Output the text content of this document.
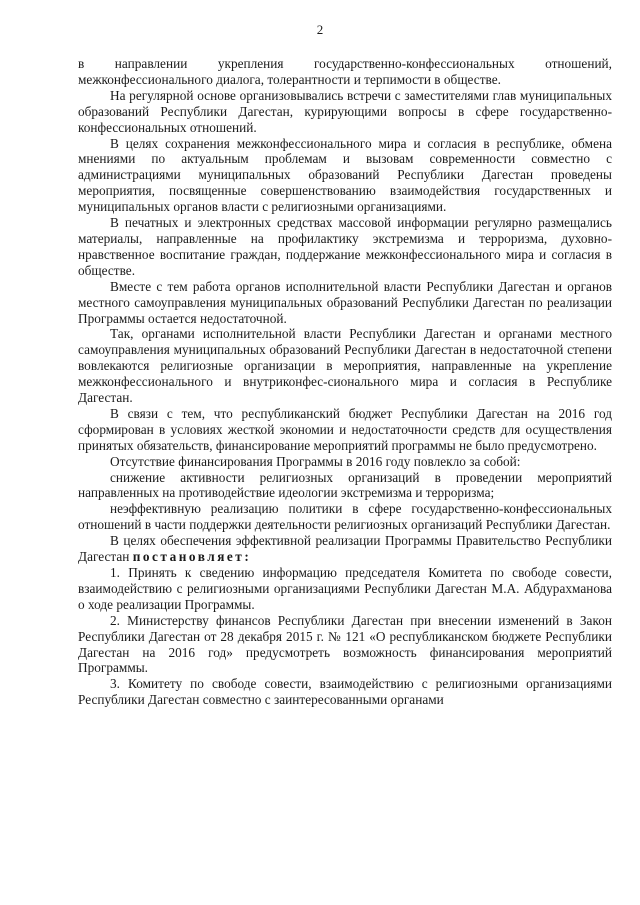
2

в направлении укрепления государственно-конфессиональных отношений, межконфессионального диалога, толерантности и терпимости в обществе.

На регулярной основе организовывались встречи с заместителями глав муниципальных образований Республики Дагестан, курирующими вопросы в сфере государственно-конфессиональных отношений.

В целях сохранения межконфессионального мира и согласия в республике, обмена мнениями по актуальным проблемам и вызовам современности совместно с администрациями муниципальных образований Республики Дагестан проведены мероприятия, посвященные совершенствованию взаимодействия государственных и муниципальных органов власти с религиозными организациями.

В печатных и электронных средствах массовой информации регулярно размещались материалы, направленные на профилактику экстремизма и терроризма, духовно-нравственное воспитание граждан, поддержание межконфессионального мира и согласия в обществе.

Вместе с тем работа органов исполнительной власти Республики Дагестан и органов местного самоуправления муниципальных образований Республики Дагестан по реализации Программы остается недостаточной.

Так, органами исполнительной власти Республики Дагестан и органами местного самоуправления муниципальных образований Республики Дагестан в недостаточной степени вовлекаются религиозные организации в мероприятия, направленные на укрепление межконфессионального и внутриконфес-сионального мира и согласия в Республике Дагестан.

В связи с тем, что республиканский бюджет Республики Дагестан на 2016 год сформирован в условиях жесткой экономии и недостаточности средств для осуществления принятых обязательств, финансирование мероприятий программы не было предусмотрено.

Отсутствие финансирования Программы в 2016 году повлекло за собой:

снижение активности религиозных организаций в проведении мероприятий направленных на противодействие идеологии экстремизма и терроризма;

неэффективную реализацию политики в сфере государственно-конфессиональных отношений в части поддержки деятельности религиозных организаций Республики Дагестан.

В целях обеспечения эффективной реализации Программы Правительство Республики Дагестан постановляет:

1. Принять к сведению информацию председателя Комитета по свободе совести, взаимодействию с религиозными организациями Республики Дагестан М.А. Абдурахманова о ходе реализации Программы.

2. Министерству финансов Республики Дагестан при внесении изменений в Закон Республики Дагестан от 28 декабря 2015 г. № 121 «О республиканском бюджете Республики Дагестан на 2016 год» предусмотреть возможность финансирования мероприятий Программы.

3. Комитету по свободе совести, взаимодействию с религиозными организациями Республики Дагестан совместно с заинтересованными органами
